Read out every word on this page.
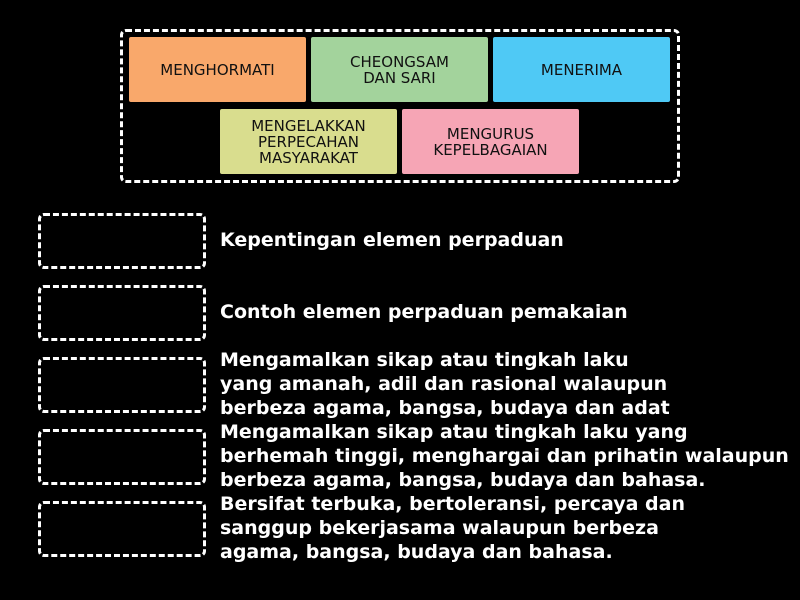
MENGHORMATI	CHEONGSAM
DAN SARI	MENERIMA
MENGELAKKAN
PERPECAHAN
MASYARAKAT
MENGURUS
KEPELBAGAIAN
Kepentingan elemen perpaduan
Contoh elemen perpaduan pemakaian
Mengamalkan sikap atau tingkah laku
yang amanah, adil dan rasional walaupun
berbeza agama, bangsa, budaya dan adat
Mengamalkan sikap atau tingkah laku yang
berhemah tinggi, menghargai dan prihatin walaupun
berbeza agama, bangsa, budaya dan bahasa.
Bersifat terbuka, bertoleransi, percaya dan
sanggup bekerjasama walaupun berbeza
agama, bangsa, budaya dan bahasa.
